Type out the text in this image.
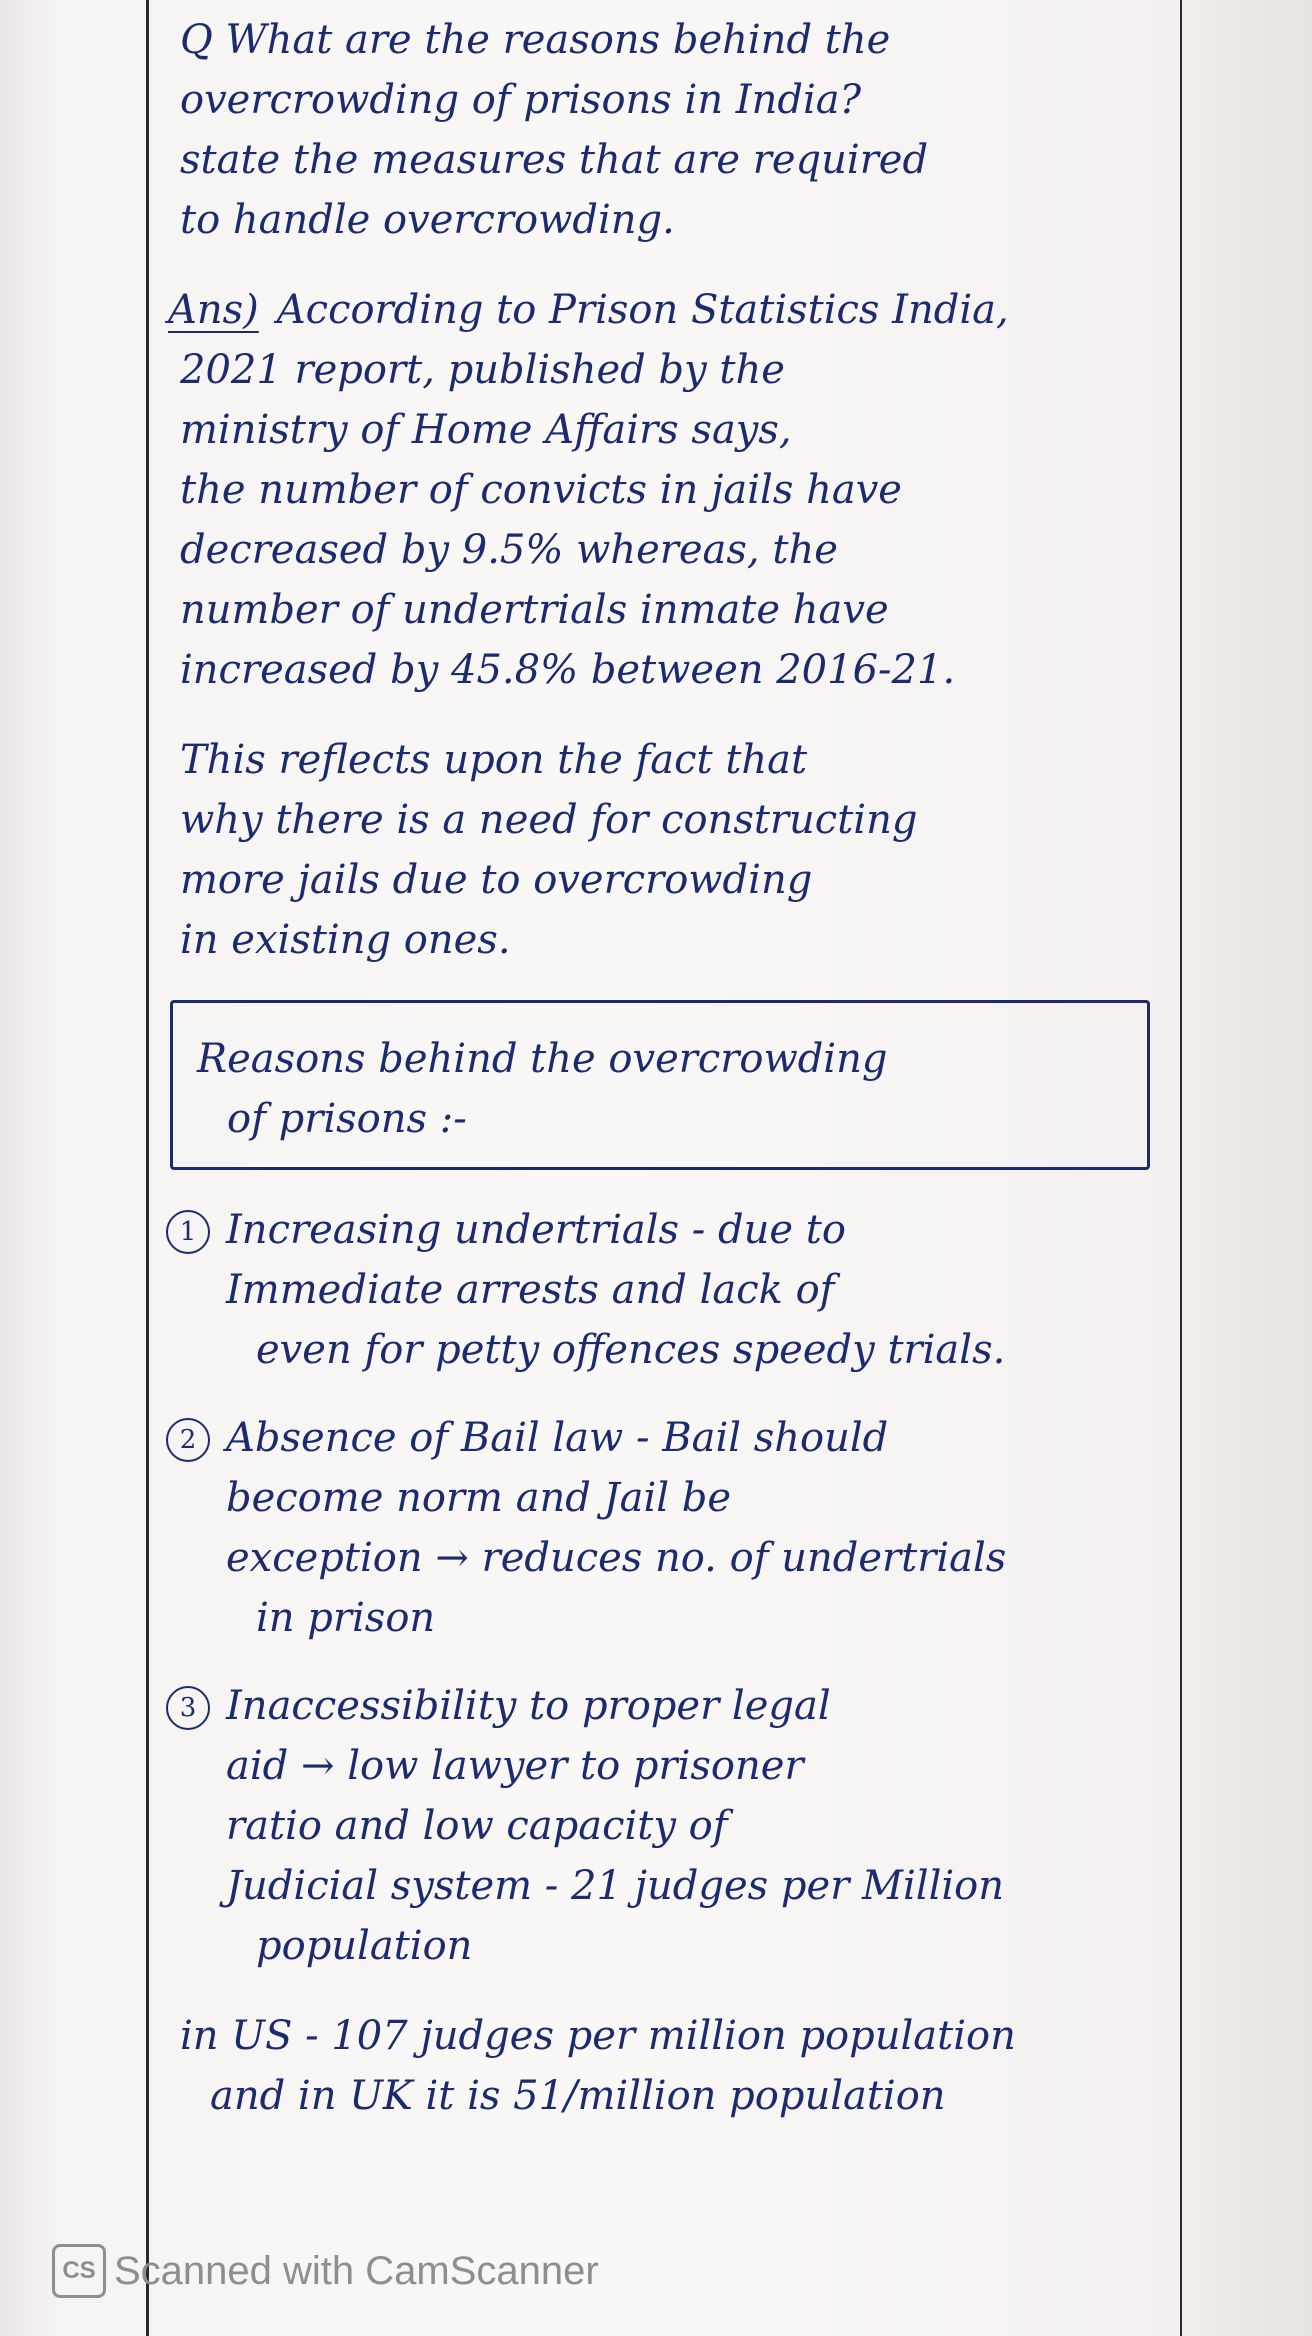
Q What are the reasons behind the
overcrowding of prisons in India?
state the measures that are required
to handle overcrowding.
Ans) According to Prison Statistics India,
2021 report, published by the
ministry of Home Affairs says,
the number of convicts in jails have
decreased by 9.5% whereas, the
number of undertrials inmate have
increased by 45.8% between 2016-21.
This reflects upon the fact that
why there is a need for constructing
more jails due to overcrowding
in existing ones.
Reasons behind the overcrowding
of prisons :-
1 Increasing undertrials - due to
Immediate arrests and lack of
even for petty offences speedy trials.
2 Absence of Bail law - Bail should
become norm and Jail be
exception → reduces no. of undertrials
in prison
3 Inaccessibility to proper legal
aid → low lawyer to prisoner
ratio and low capacity of
Judicial system - 21 judges per Million
population
in US - 107 judges per million population
and in UK it is 51/million population
CS Scanned with CamScanner
